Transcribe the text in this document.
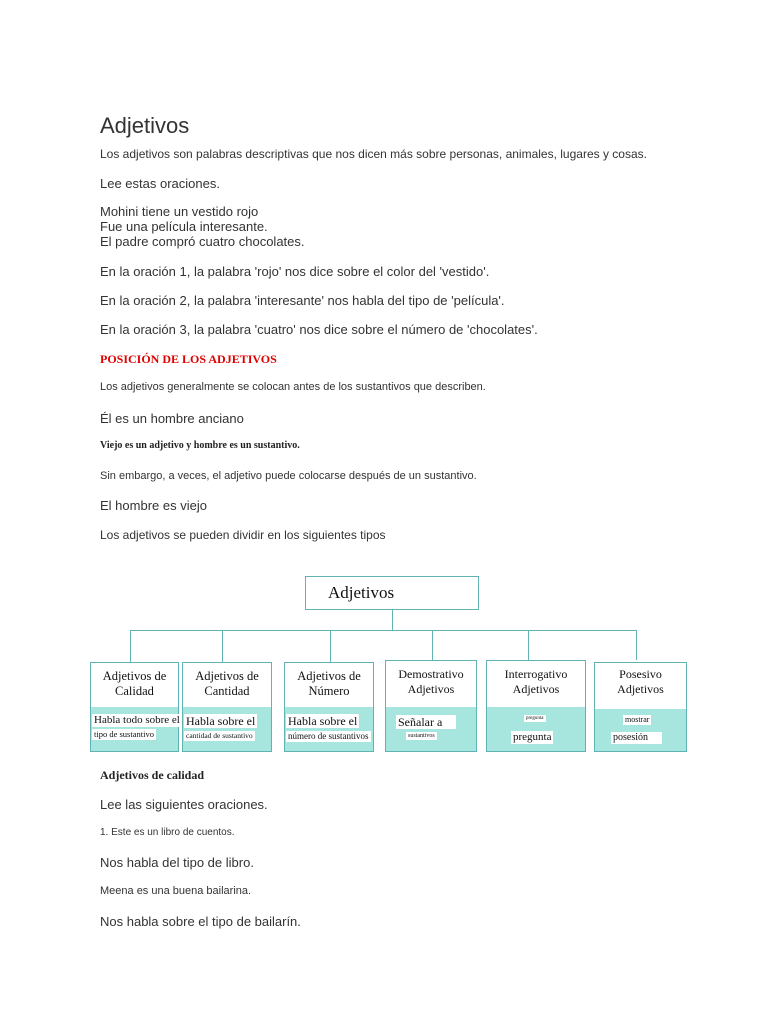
Adjetivos

Los adjetivos son palabras descriptivas que nos dicen más sobre personas, animales, lugares y cosas.

Lee estas oraciones.

Mohini tiene un vestido rojo
Fue una película interesante.
El padre compró cuatro chocolates.

En la oración 1, la palabra 'rojo' nos dice sobre el color del 'vestido'.

En la oración 2, la palabra 'interesante' nos habla del tipo de 'película'.

En la oración 3, la palabra 'cuatro' nos dice sobre el número de 'chocolates'.

POSICIÓN DE LOS ADJETIVOS

Los adjetivos generalmente se colocan antes de los sustantivos que describen.

Él es un hombre anciano

Viejo es un adjetivo y hombre es un sustantivo.

Sin embargo, a veces, el adjetivo puede colocarse después de un sustantivo.

El hombre es viejo

Los adjetivos se pueden dividir en los siguientes tipos

Adjetivos
Adjetivos de
Calidad
Habla todo sobre el
tipo de sustantivo
Adjetivos de
Cantidad
Habla sobre el
cantidad de sustantivo
Adjetivos de
Número
Habla sobre el
número de sustantivos
Demostrativo
Adjetivos
Señalar a
sustantivos
Interrogativo
Adjetivos
pregunta
pregunta
Posesivo
Adjetivos
mostrar
posesión

Adjetivos de calidad

Lee las siguientes oraciones.

1. Este es un libro de cuentos.

Nos habla del tipo de libro.

Meena es una buena bailarina.

Nos habla sobre el tipo de bailarín.
